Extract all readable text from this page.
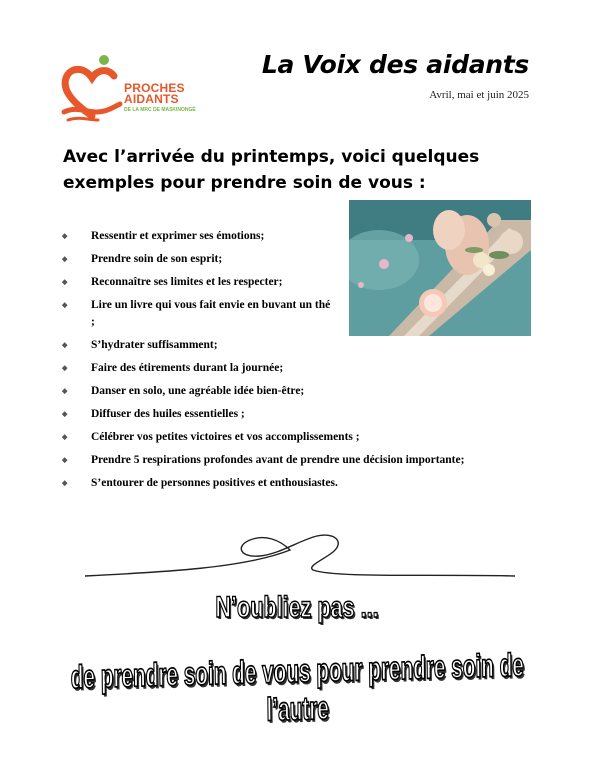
PROCHES
AIDANTS
DE LA MRC DE MASKINONGÉ
La Voix des aidants
Avril, mai et juin 2025
Avec l’arrivée du printemps, voici quelques exemples pour prendre soin de vous :
◆ Ressentir et exprimer ses émotions;
◆ Prendre soin de son esprit;
◆ Reconnaître ses limites et les respecter;
◆ Lire un livre qui vous fait envie en buvant un thé ;
◆ S’hydrater suffisamment;
◆ Faire des étirements durant la journée;
◆ Danser en solo, une agréable idée bien-être;
◆ Diffuser des huiles essentielles ;
◆ Célébrer vos petites victoires et vos accomplissements ;
◆ Prendre 5 respirations profondes avant de prendre une décision importante;
◆ S’entourer de personnes positives et enthousiastes.
N’oubliez pas ...
de prendre soin de vous pour prendre soin de l’autre
